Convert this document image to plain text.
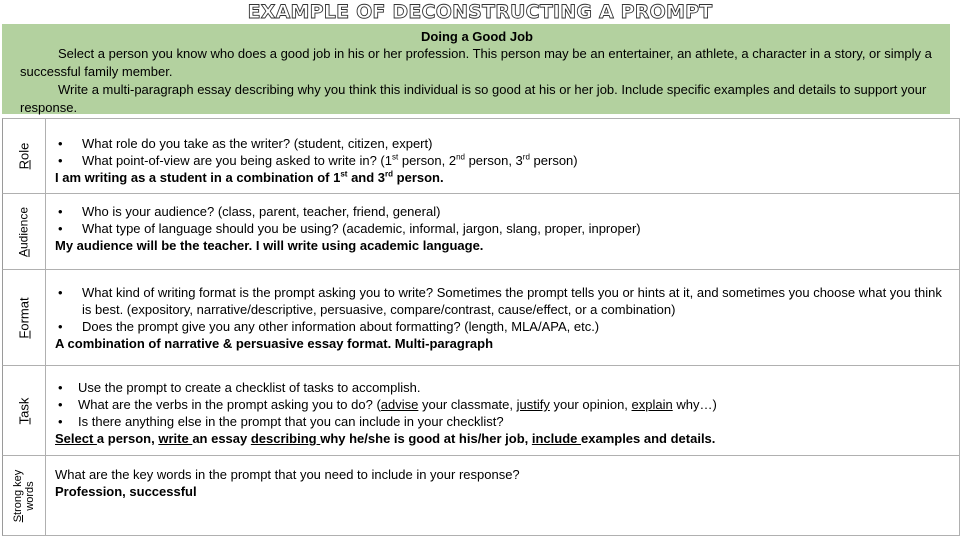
EXAMPLE OF DECONSTRUCTING A PROMPT
Doing a Good Job

Select a person you know who does a good job in his or her profession. This person may be an entertainer, an athlete, a character in a story, or simply a successful family member.

Write a multi-paragraph essay describing why you think this individual is so good at his or her job. Include specific examples and details to support your response.

Role •	What role do you take as the writer? (student, citizen, expert)
•	What point-of-view are you being asked to write in? (1st person, 2nd person, 3rd person)
I am writing as a student in a combination of 1st and 3rd person.
Audience •	Who is your audience? (class, parent, teacher, friend, general)
•	What type of language should you be using? (academic, informal, jargon, slang, proper, inproper)
My audience will be the teacher. I will write using academic language.
Format
•	What kind of writing format is the prompt asking you to write? Sometimes the prompt tells you or hints at it, and sometimes you choose what you think is best. (expository, narrative/descriptive, persuasive, compare/contrast, cause/effect, or a combination)
•	Does the prompt give you any other information about formatting? (length, MLA/APA, etc.)
A combination of narrative & persuasive essay format. Multi-paragraph
Task
•	Use the prompt to create a checklist of tasks to accomplish.
•	What are the verbs in the prompt asking you to do? (advise your classmate, justify your opinion, explain why…)
•	Is there anything else in the prompt that you can include in your checklist?
Select a person, write an essay describing why he/she is good at his/her job, include examples and details.
Strong key words
What are the key words in the prompt that you need to include in your response?
Profession, successful
